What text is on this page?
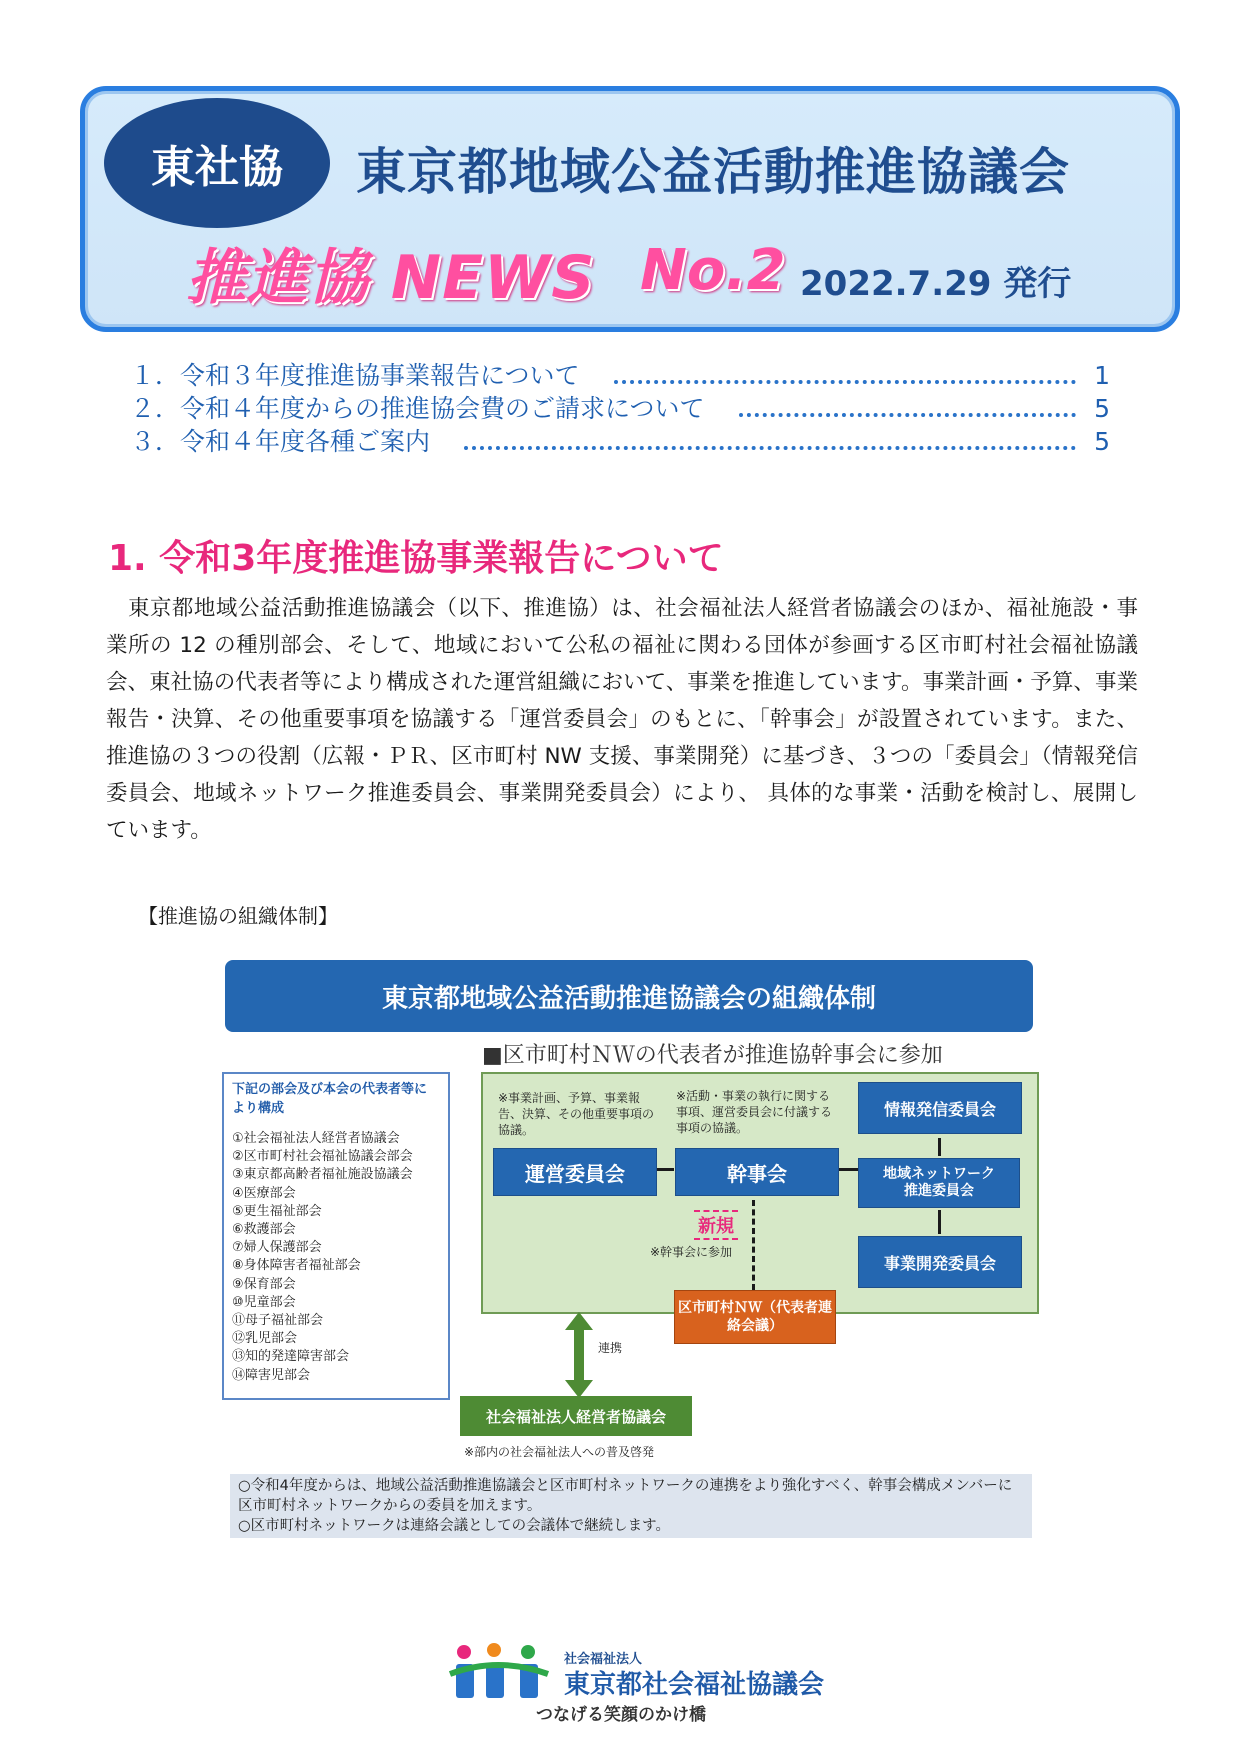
東社協	東京都地域公益活動推進協議会
推進協 NEWS No.2 2022.7.29 発行
１．令和３年度推進協事業報告について	1
２．令和４年度からの推進協会費のご請求について	5
３．令和４年度各種ご案内	5
1. 令和3年度推進協事業報告について
東京都地域公益活動推進協議会（以下、推進協）は、社会福祉法人経営者協議会のほか、福祉施設・事業所の 12 の種別部会、そして、地域において公私の福祉に関わる団体が参画する区市町村社会福祉協議会、東社協の代表者等により構成された運営組織において、事業を推進しています。事業計画・予算、事業報告・決算、その他重要事項を協議する「運営委員会」のもとに、「幹事会」が設置されています。また、推進協の３つの役割（広報・ＰＲ、区市町村 NW 支援、事業開発）に基づき、３つの「委員会」（情報発信委員会、地域ネットワーク推進委員会、事業開発委員会）により、 具体的な事業・活動を検討し、展開しています。
【推進協の組織体制】
東京都地域公益活動推進協議会の組織体制
■区市町村ＮＷの代表者が推進協幹事会に参加
下記の部会及び本会の代表者等により構成
①社会福祉法人経営者協議会
②区市町村社会福祉協議会部会
③東京都高齢者福祉施設協議会
④医療部会
⑤更生福祉部会
⑥救護部会
⑦婦人保護部会
⑧身体障害者福祉部会
⑨保育部会
⑩児童部会
⑪母子福祉部会
⑫乳児部会
⑬知的発達障害部会
⑭障害児部会
※事業計画、予算、事業報告、決算、その他重要事項の協議。
※活動・事業の執行に関する事項、運営委員会に付議する事項の協議。
運営委員会	幹事会
情報発信委員会
地域ネットワーク推進委員会
事業開発委員会
新規
※幹事会に参加
区市町村ＮＷ（代表者連絡会議）
連携
社会福祉法人経営者協議会
※部内の社会福祉法人への普及啓発
○令和4年度からは、地域公益活動推進協議会と区市町村ネットワークの連携をより強化すべく、幹事会構成メンバーに区市町村ネットワークからの委員を加えます。
○区市町村ネットワークは連絡会議としての会議体で継続します。
社会福祉法人
東京都社会福祉協議会
つなげる笑顔のかけ橋
